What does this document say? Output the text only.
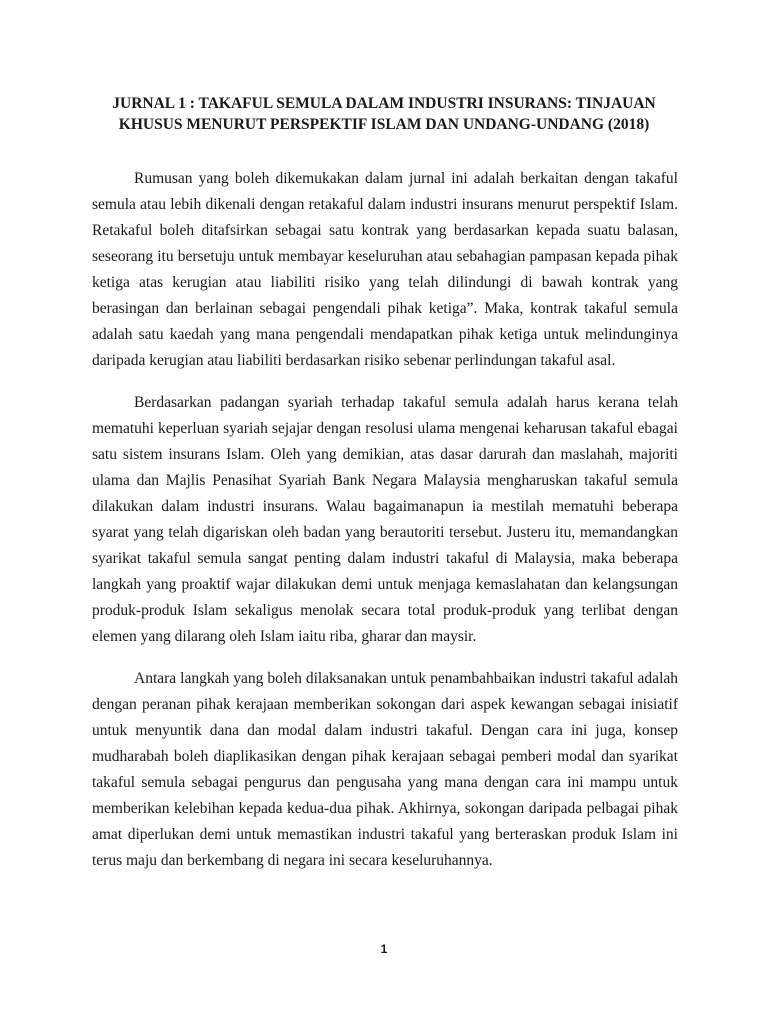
JURNAL 1 : TAKAFUL SEMULA DALAM INDUSTRI INSURANS: TINJAUAN
KHUSUS MENURUT PERSPEKTIF ISLAM DAN UNDANG-UNDANG (2018)

Rumusan yang boleh dikemukakan dalam jurnal ini adalah berkaitan dengan takaful semula atau lebih dikenali dengan retakaful dalam industri insurans menurut perspektif Islam. Retakaful boleh ditafsirkan sebagai satu kontrak yang berdasarkan kepada suatu balasan, seseorang itu bersetuju untuk membayar keseluruhan atau sebahagian pampasan kepada pihak ketiga atas kerugian atau liabiliti risiko yang telah dilindungi di bawah kontrak yang berasingan dan berlainan sebagai pengendali pihak ketiga”. Maka, kontrak takaful semula adalah satu kaedah yang mana pengendali mendapatkan pihak ketiga untuk melindunginya daripada kerugian atau liabiliti berdasarkan risiko sebenar perlindungan takaful asal.

Berdasarkan padangan syariah terhadap takaful semula adalah harus kerana telah mematuhi keperluan syariah sejajar dengan resolusi ulama mengenai keharusan takaful ebagai satu sistem insurans Islam. Oleh yang demikian, atas dasar darurah dan maslahah, majoriti ulama dan Majlis Penasihat Syariah Bank Negara Malaysia mengharuskan takaful semula dilakukan dalam industri insurans. Walau bagaimanapun ia mestilah mematuhi beberapa syarat yang telah digariskan oleh badan yang berautoriti tersebut. Justeru itu, memandangkan syarikat takaful semula sangat penting dalam industri takaful di Malaysia, maka beberapa langkah yang proaktif wajar dilakukan demi untuk menjaga kemaslahatan dan kelangsungan produk-produk Islam sekaligus menolak secara total produk-produk yang terlibat dengan elemen yang dilarang oleh Islam iaitu riba, gharar dan maysir.

Antara langkah yang boleh dilaksanakan untuk penambahbaikan industri takaful adalah dengan peranan pihak kerajaan memberikan sokongan dari aspek kewangan sebagai inisiatif untuk menyuntik dana dan modal dalam industri takaful. Dengan cara ini juga, konsep mudharabah boleh diaplikasikan dengan pihak kerajaan sebagai pemberi modal dan syarikat takaful semula sebagai pengurus dan pengusaha yang mana dengan cara ini mampu untuk memberikan kelebihan kepada kedua-dua pihak. Akhirnya, sokongan daripada pelbagai pihak amat diperlukan demi untuk memastikan industri takaful yang berteraskan produk Islam ini terus maju dan berkembang di negara ini secara keseluruhannya.

1
